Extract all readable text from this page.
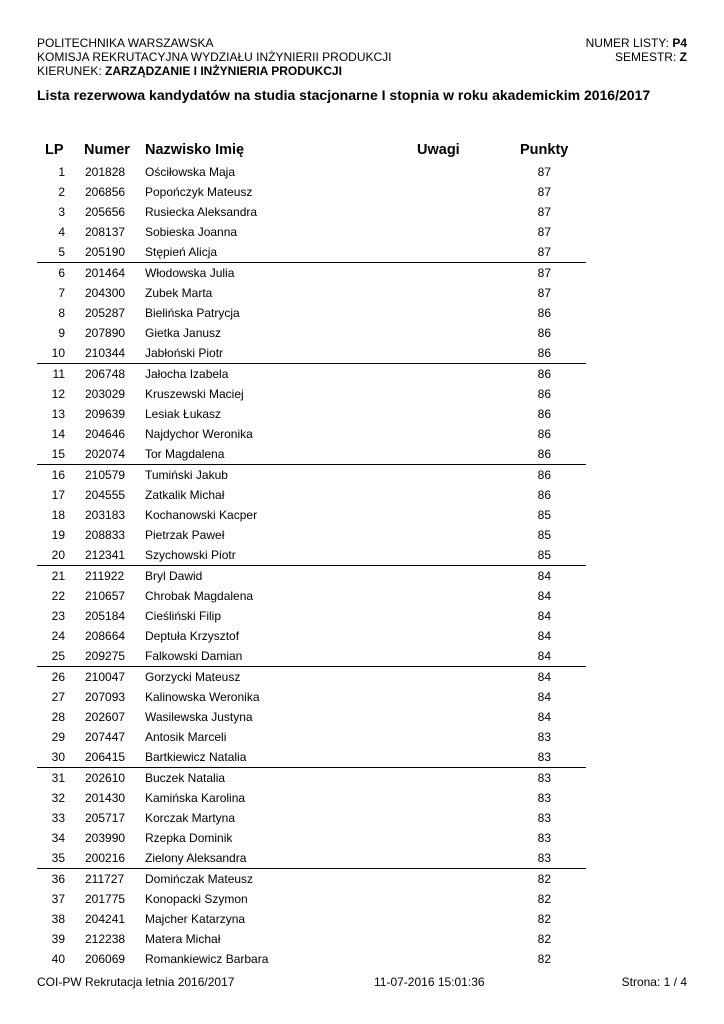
POLITECHNIKA WARSZAWSKA
KOMISJA REKRUTACYJNA WYDZIAŁU INŻYNIERII PRODUKCJI
KIERUNEK: ZARZĄDZANIE I INŻYNIERIA PRODUKCJI
NUMER LISTY: P4
SEMESTR: Z
Lista rezerwowa kandydatów na studia stacjonarne I stopnia w roku akademickim 2016/2017
LP Numer Nazwisko Imię	Uwagi	Punkty
1 201828 Ościłowska Maja	87
2 206856 Popończyk Mateusz	87
3 205656 Rusiecka Aleksandra	87
4 208137 Sobieska Joanna	87
5 205190 Stępień Alicja	87
6 201464 Włodowska Julia	87
7 204300 Zubek Marta	87
8 205287 Bielińska Patrycja	86
9 207890 Gietka Janusz	86
10 210344 Jabłoński Piotr	86
11 206748 Jałocha Izabela	86
12 203029 Kruszewski Maciej	86
13 209639 Lesiak Łukasz	86
14 204646 Najdychor Weronika	86
15 202074 Tor Magdalena	86
16 210579 Tumiński Jakub	86
17 204555 Zatkalik Michał	86
18 203183 Kochanowski Kacper	85
19 208833 Pietrzak Paweł	85
20 212341 Szychowski Piotr	85
21 211922 Bryl Dawid	84
22 210657 Chrobak Magdalena	84
23 205184 Cieśliński Filip	84
24 208664 Deptuła Krzysztof	84
25 209275 Falkowski Damian	84
26 210047 Gorzycki Mateusz	84
27 207093 Kalinowska Weronika	84
28 202607 Wasilewska Justyna	84
29 207447 Antosik Marceli	83
30 206415 Bartkiewicz Natalia	83
31 202610 Buczek Natalia	83
32 201430 Kamińska Karolina	83
33 205717 Korczak Martyna	83
34 203990 Rzepka Dominik	83
35 200216 Zielony Aleksandra	83
36 211727 Domińczak Mateusz	82
37 201775 Konopacki Szymon	82
38 204241 Majcher Katarzyna	82
39 212238 Matera Michał	82
40 206069 Romankiewicz Barbara	82
COI-PW Rekrutacja letnia 2016/2017	11-07-2016 15:01:36	Strona: 1 / 4
